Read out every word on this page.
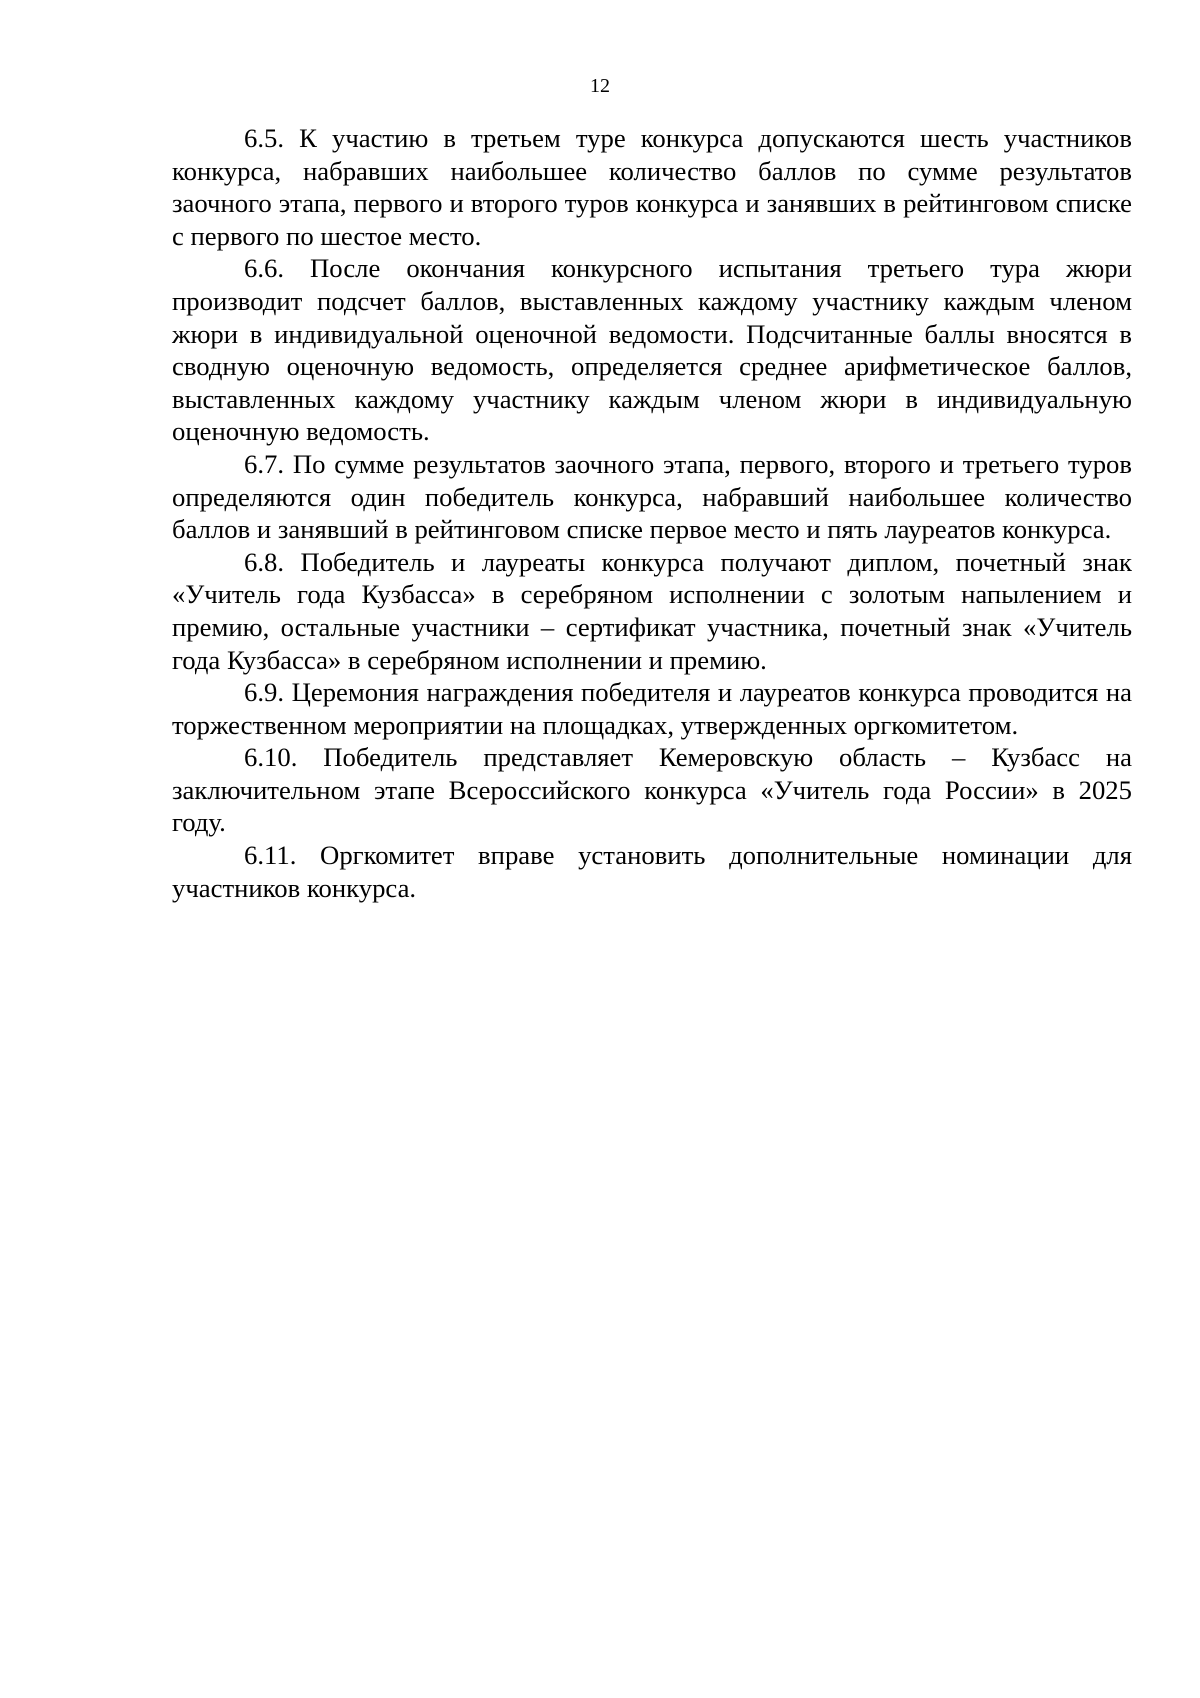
12

6.5. К участию в третьем туре конкурса допускаются шесть участников конкурса, набравших наибольшее количество баллов по сумме результатов заочного этапа, первого и второго туров конкурса и занявших в рейтинговом списке с первого по шестое место.

6.6. После окончания конкурсного испытания третьего тура жюри производит подсчет баллов, выставленных каждому участнику каждым членом жюри в индивидуальной оценочной ведомости. Подсчитанные баллы вносятся в сводную оценочную ведомость, определяется среднее арифметическое баллов, выставленных каждому участнику каждым членом жюри в индивидуальную оценочную ведомость.

6.7. По сумме результатов заочного этапа, первого, второго и третьего туров определяются один победитель конкурса, набравший наибольшее количество баллов и занявший в рейтинговом списке первое место и пять лауреатов конкурса.

6.8. Победитель и лауреаты конкурса получают диплом, почетный знак «Учитель года Кузбасса» в серебряном исполнении с золотым напылением и премию, остальные участники – сертификат участника, почетный знак «Учитель года Кузбасса» в серебряном исполнении и премию.

6.9. Церемония награждения победителя и лауреатов конкурса проводится на торжественном мероприятии на площадках, утвержденных оргкомитетом.

6.10. Победитель представляет Кемеровскую область – Кузбасс на заключительном этапе Всероссийского конкурса «Учитель года России» в 2025 году.

6.11. Оргкомитет вправе установить дополнительные номинации для участников конкурса.
